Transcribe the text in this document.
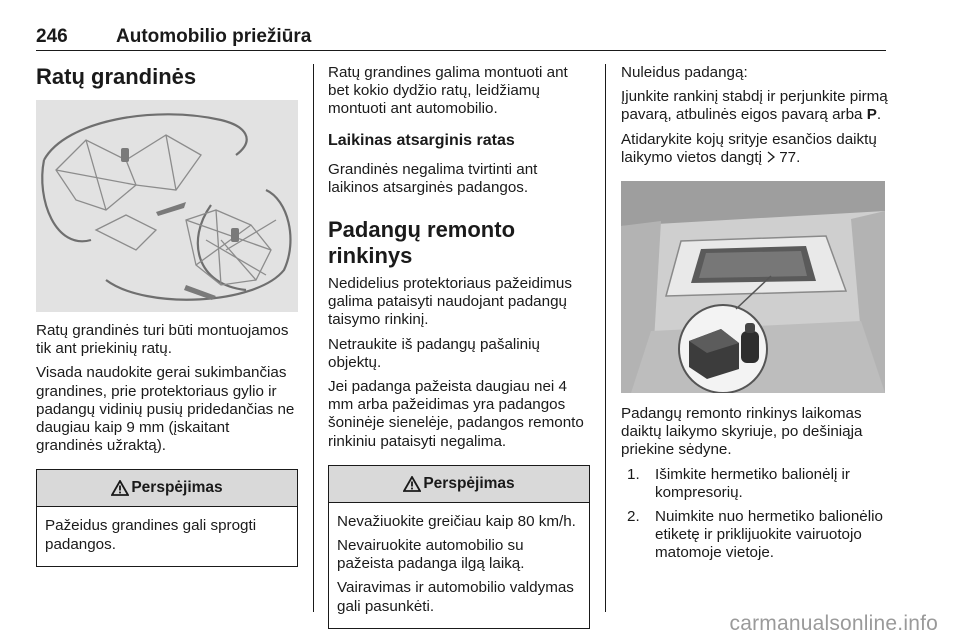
246	Automobilio priežiūra
Ratų grandinės

Ratų grandinės turi būti montuojamos tik ant priekinių ratų.

Visada naudokite gerai sukimbančias grandines, prie protektoriaus gylio ir padangų vidinių pusių pridedančias ne daugiau kaip 9 mm (įskaitant grandinės užraktą).

Perspėjimas

Pažeidus grandines gali sprogti padangos.

Ratų grandines galima montuoti ant bet kokio dydžio ratų, leidžiamų montuoti ant automobilio.

Laikinas atsarginis ratas

Grandinės negalima tvirtinti ant laikinos atsarginės padangos.

Padangų remonto rinkinys

Nedidelius protektoriaus pažeidimus galima pataisyti naudojant padangų taisymo rinkinį.

Netraukite iš padangų pašalinių objektų.

Jei padanga pažeista daugiau nei 4 mm arba pažeidimas yra padangos šoninėje sienelėje, padangos remonto rinkiniu pataisyti negalima.

Perspėjimas

Nevažiuokite greičiau kaip 80 km/h.

Nevairuokite automobilio su pažeista padanga ilgą laiką.

Vairavimas ir automobilio valdymas gali pasunkėti.

Nuleidus padangą:

Įjunkite rankinį stabdį ir perjunkite pirmą pavarą, atbulinės eigos pavarą arba P.

Atidarykite kojų srityje esančios daiktų laikymo vietos dangtį 77.

Padangų remonto rinkinys laikomas daiktų laikymo skyriuje, po dešiniąja priekine sėdyne.

1. Išimkite hermetiko balionėlį ir kompresorių.
2. Nuimkite nuo hermetiko balionėlio etiketę ir priklijuokite vairuotojo matomoje vietoje.
carmanualsonline.info
